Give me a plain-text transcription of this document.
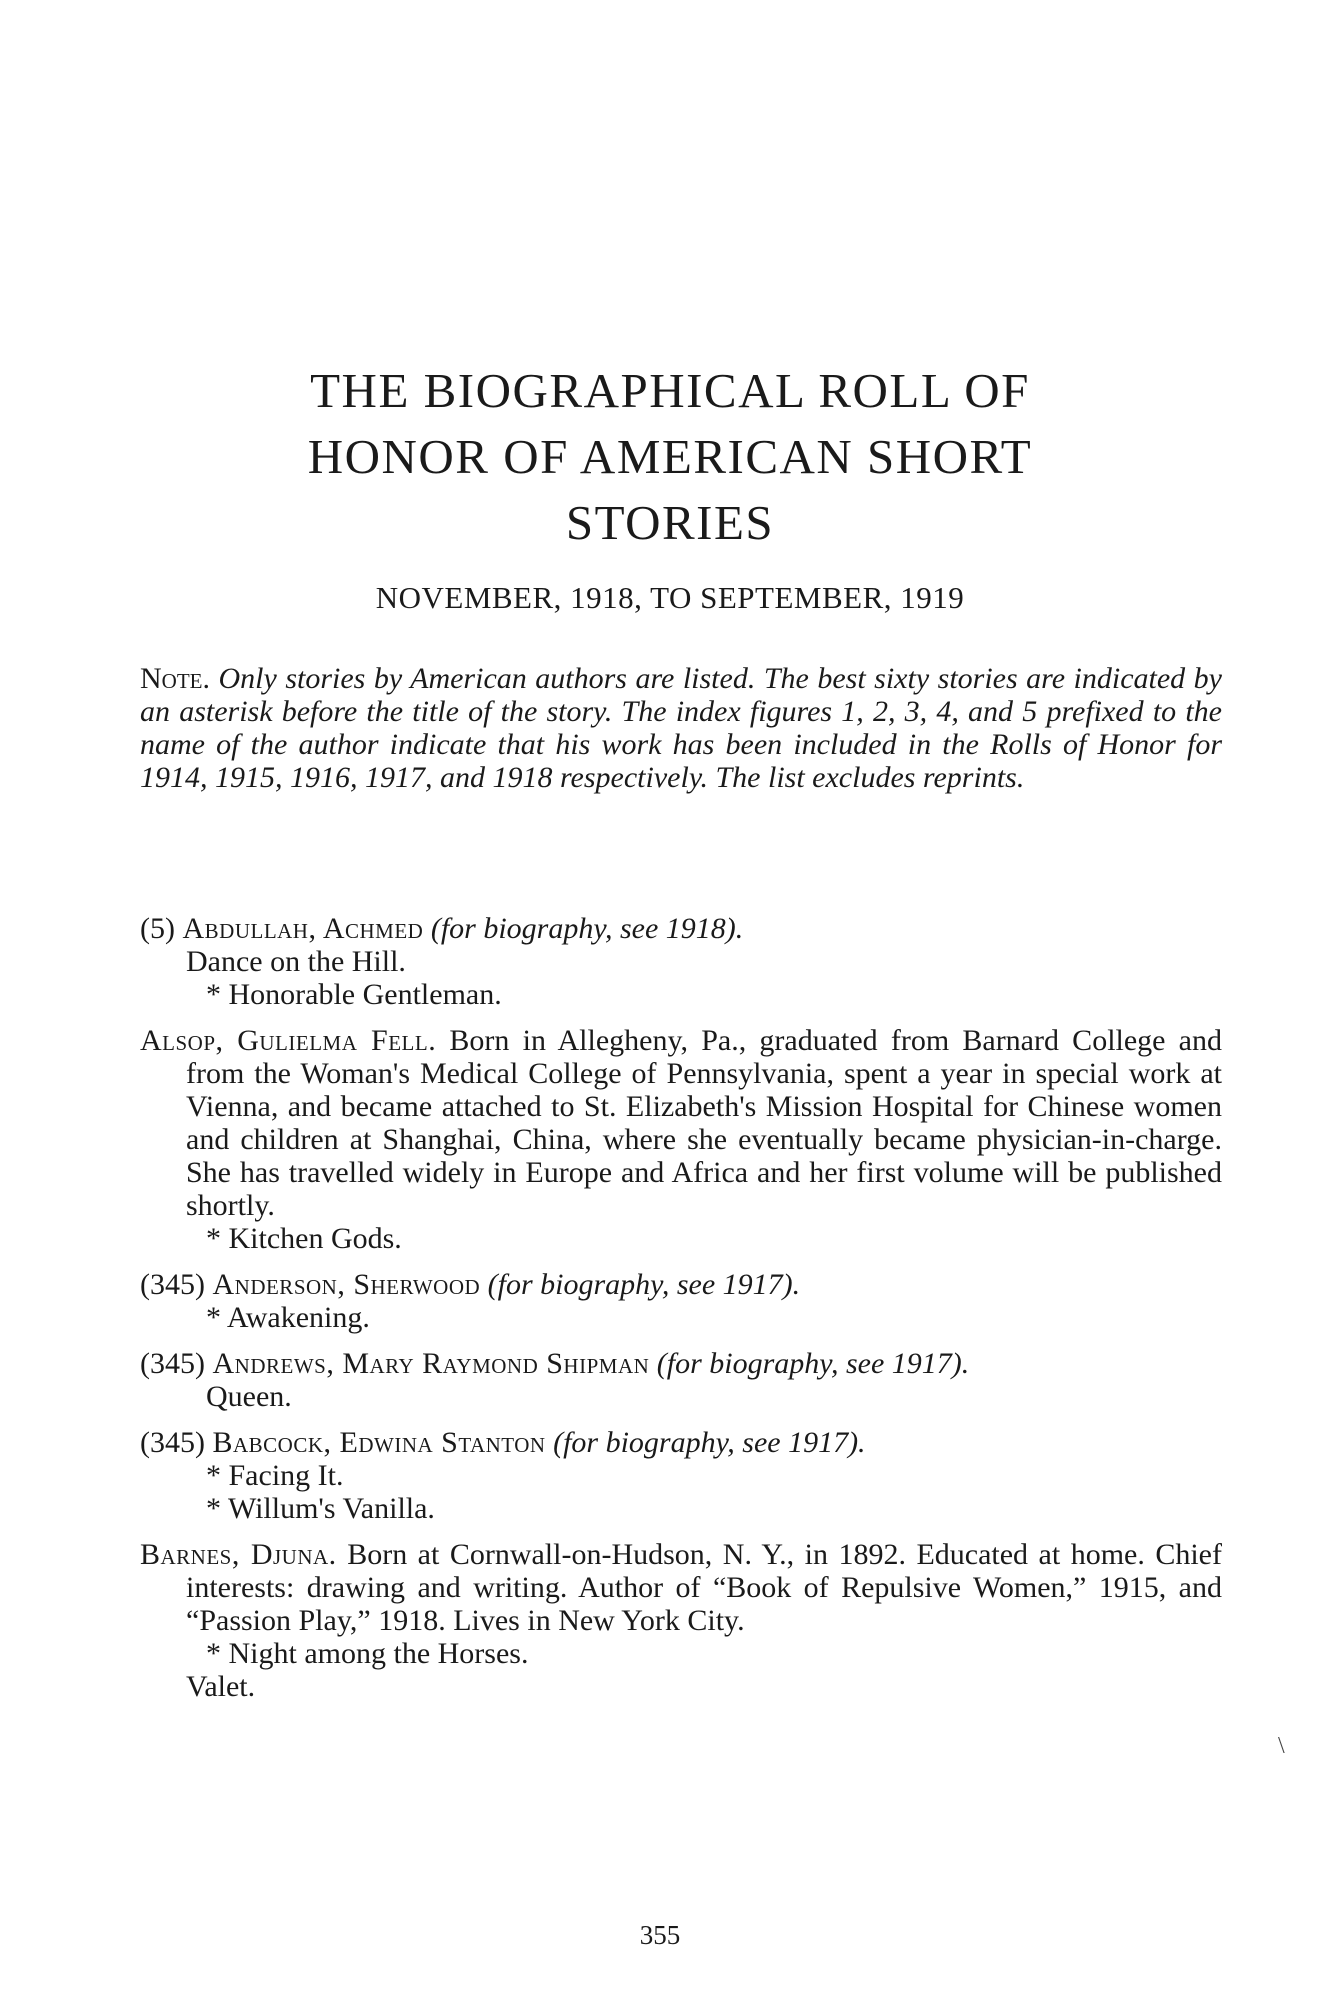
THE BIOGRAPHICAL ROLL OF
HONOR OF AMERICAN SHORT
STORIES

NOVEMBER, 1918, TO SEPTEMBER, 1919

Note. Only stories by American authors are listed. The best sixty stories are indicated by an asterisk before the title of the story. The index figures 1, 2, 3, 4, and 5 prefixed to the name of the author indicate that his work has been included in the Rolls of Honor for 1914, 1915, 1916, 1917, and 1918 respectively. The list excludes reprints.

(5) Abdullah, Achmed (for biography, see 1918).
Dance on the Hill.
* Honorable Gentleman.
Alsop, Gulielma Fell. Born in Allegheny, Pa., graduated from Barnard College and from the Woman's Medical College of Pennsylvania, spent a year in special work at Vienna, and became attached to St. Elizabeth's Mission Hospital for Chinese women and children at Shanghai, China, where she eventually became physician-in-charge. She has travelled widely in Europe and Africa and her first volume will be published shortly.
* Kitchen Gods.
(345) Anderson, Sherwood (for biography, see 1917).
* Awakening.
(345) Andrews, Mary Raymond Shipman (for biography, see 1917).
Queen.
(345) Babcock, Edwina Stanton (for biography, see 1917).
* Facing It.
* Willum's Vanilla.
Barnes, Djuna. Born at Cornwall-on-Hudson, N. Y., in 1892. Educated at home. Chief interests: drawing and writing. Author of “Book of Repulsive Women,” 1915, and “Passion Play,” 1918. Lives in New York City.
* Night among the Horses.
Valet.
\
355
